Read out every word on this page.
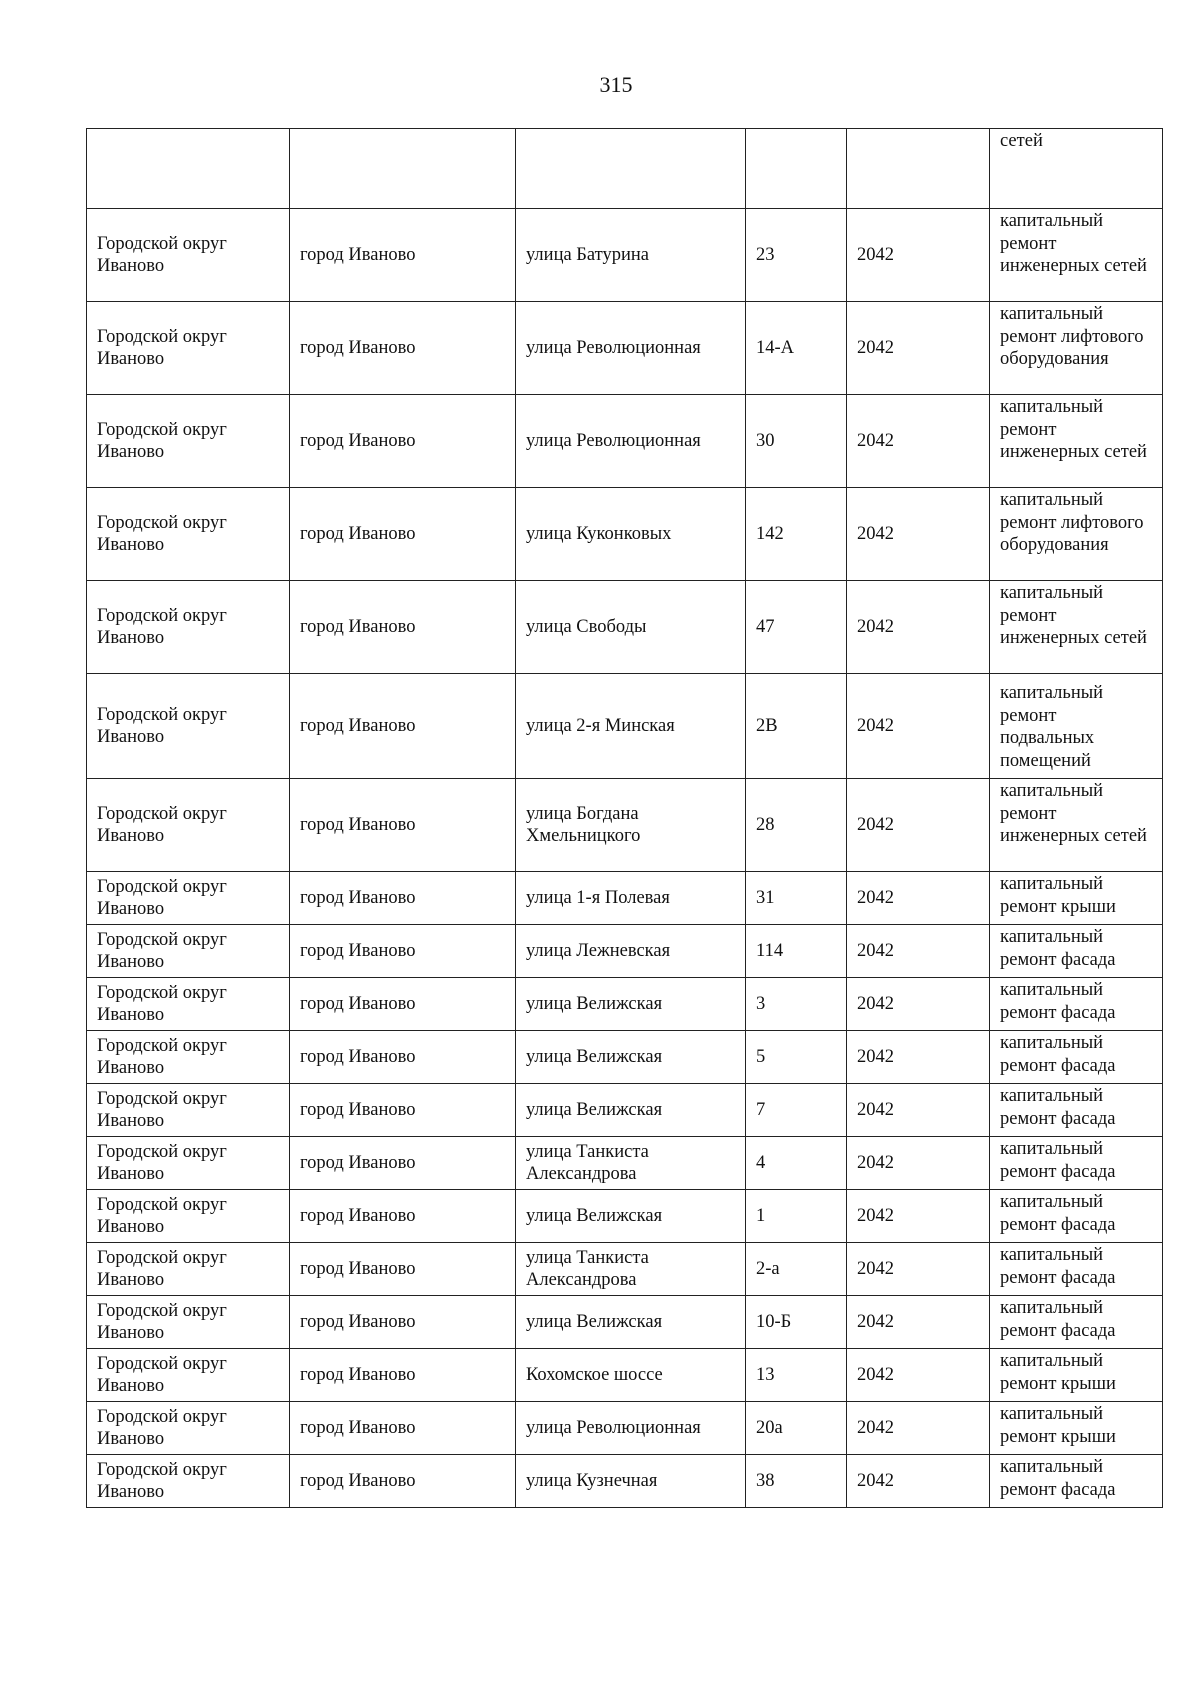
315
					сетей
Городской округ Иваново	город Иваново	улица Батурина	23	2042	капитальный ремонт инженерных сетей
Городской округ Иваново	город Иваново	улица Революционная	14-А	2042	капитальный ремонт лифтового оборудования
Городской округ Иваново	город Иваново	улица Революционная	30	2042	капитальный ремонт инженерных сетей
Городской округ Иваново	город Иваново	улица Куконковых	142	2042	капитальный ремонт лифтового оборудования
Городской округ Иваново	город Иваново	улица Свободы	47	2042	капитальный ремонт инженерных сетей
Городской округ Иваново	город Иваново	улица 2-я Минская	2В	2042	капитальный ремонт подвальных помещений
Городской округ Иваново	город Иваново	улица Богдана Хмельницкого	28	2042	капитальный ремонт инженерных сетей
Городской округ Иваново	город Иваново	улица 1-я Полевая	31	2042	капитальный ремонт крыши
Городской округ Иваново	город Иваново	улица Лежневская	114	2042	капитальный ремонт фасада
Городской округ Иваново	город Иваново	улица Велижская	3	2042	капитальный ремонт фасада
Городской округ Иваново	город Иваново	улица Велижская	5	2042	капитальный ремонт фасада
Городской округ Иваново	город Иваново	улица Велижская	7	2042	капитальный ремонт фасада
Городской округ Иваново	город Иваново	улица Танкиста Александрова	4	2042	капитальный ремонт фасада
Городской округ Иваново	город Иваново	улица Велижская	1	2042	капитальный ремонт фасада
Городской округ Иваново	город Иваново	улица Танкиста Александрова	2-а	2042	капитальный ремонт фасада
Городской округ Иваново	город Иваново	улица Велижская	10-Б	2042	капитальный ремонт фасада
Городской округ Иваново	город Иваново	Кохомское шоссе	13	2042	капитальный ремонт крыши
Городской округ Иваново	город Иваново	улица Революционная	20а	2042	капитальный ремонт крыши
Городской округ Иваново	город Иваново	улица Кузнечная	38	2042	капитальный ремонт фасада
